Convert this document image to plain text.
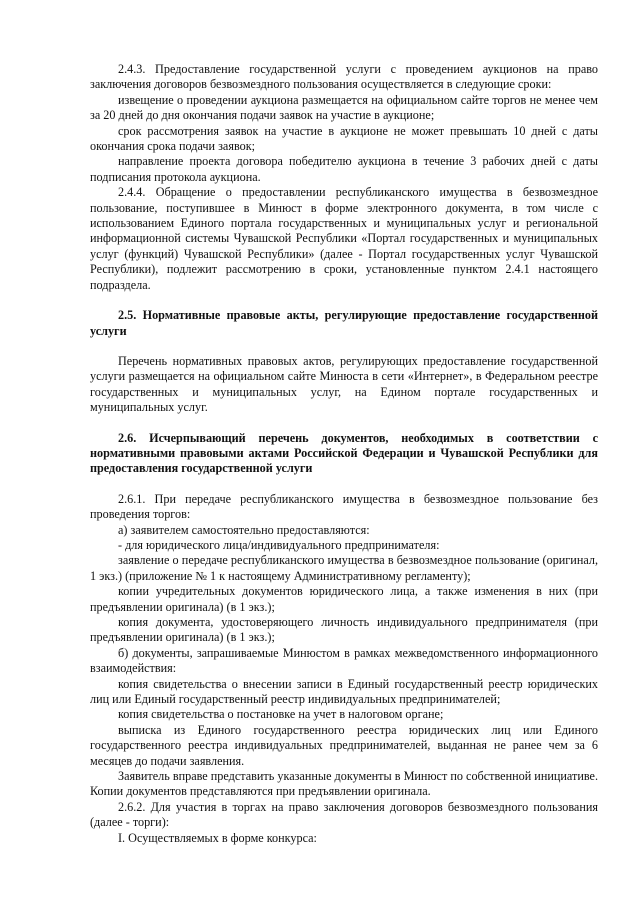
2.4.3. Предоставление государственной услуги с проведением аукционов на право заключения договоров безвозмездного пользования осуществляется в следующие сроки:

извещение о проведении аукциона размещается на официальном сайте торгов не менее чем за 20 дней до дня окончания подачи заявок на участие в аукционе;

срок рассмотрения заявок на участие в аукционе не может превышать 10 дней с даты окончания срока подачи заявок;

направление проекта договора победителю аукциона в течение 3 рабочих дней с даты подписания протокола аукциона.

2.4.4. Обращение о предоставлении республиканского имущества в безвозмездное пользование, поступившее в Минюст в форме электронного документа, в том числе с использованием Единого портала государственных и муниципальных услуг и региональной информационной системы Чувашской Республики «Портал государственных и муниципальных услуг (функций) Чувашской Республики» (далее - Портал государственных услуг Чувашской Республики), подлежит рассмотрению в сроки, установленные пунктом 2.4.1 настоящего подраздела.

2.5. Нормативные правовые акты, регулирующие предоставление государственной услуги

Перечень нормативных правовых актов, регулирующих предоставление государственной услуги размещается на официальном сайте Минюста в сети «Интернет», в Федеральном реестре государственных и муниципальных услуг, на Едином портале государственных и муниципальных услуг.

2.6. Исчерпывающий перечень документов, необходимых в соответствии с нормативными правовыми актами Российской Федерации и Чувашской Республики для предоставления государственной услуги

2.6.1. При передаче республиканского имущества в безвозмездное пользование без проведения торгов:

а) заявителем самостоятельно предоставляются:

- для юридического лица/индивидуального предпринимателя:

заявление о передаче республиканского имущества в безвозмездное пользование (оригинал, 1 экз.) (приложение № 1 к настоящему Административному регламенту);

копии учредительных документов юридического лица, а также изменения в них (при предъявлении оригинала) (в 1 экз.);

копия документа, удостоверяющего личность индивидуального предпринимателя (при предъявлении оригинала) (в 1 экз.);

б) документы, запрашиваемые Минюстом в рамках межведомственного информационного взаимодействия:

копия свидетельства о внесении записи в Единый государственный реестр юридических лиц или Единый государственный реестр индивидуальных предпринимателей;

копия свидетельства о постановке на учет в налоговом органе;

выписка из Единого государственного реестра юридических лиц или Единого государственного реестра индивидуальных предпринимателей, выданная не ранее чем за 6 месяцев до подачи заявления.

Заявитель вправе представить указанные документы в Минюст по собственной инициативе. Копии документов представляются при предъявлении оригинала.

2.6.2. Для участия в торгах на право заключения договоров безвозмездного пользования (далее - торги):

I. Осуществляемых в форме конкурса:
